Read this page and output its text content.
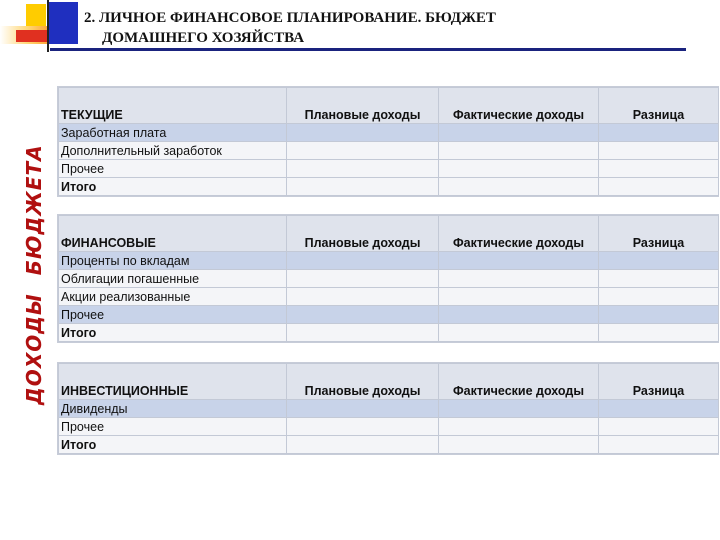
2. ЛИЧНОЕ ФИНАНСОВОЕ ПЛАНИРОВАНИЕ. БЮДЖЕТ
ДОМАШНЕГО ХОЗЯЙСТВА
ДОХОДЫБЮДЖЕТА
ТЕКУЩИЕ	Плановые доходы	Фактические доходы	Разница
Заработная плата			
Дополнительный заработок			
Прочее			
Итого			
ФИНАНСОВЫЕ	Плановые доходы	Фактические доходы	Разница
Проценты по вкладам			
Облигации погашенные			
Акции реализованные			
Прочее			
Итого			
ИНВЕСТИЦИОННЫЕ	Плановые доходы	Фактические доходы	Разница
Дивиденды			
Прочее			
Итого			
